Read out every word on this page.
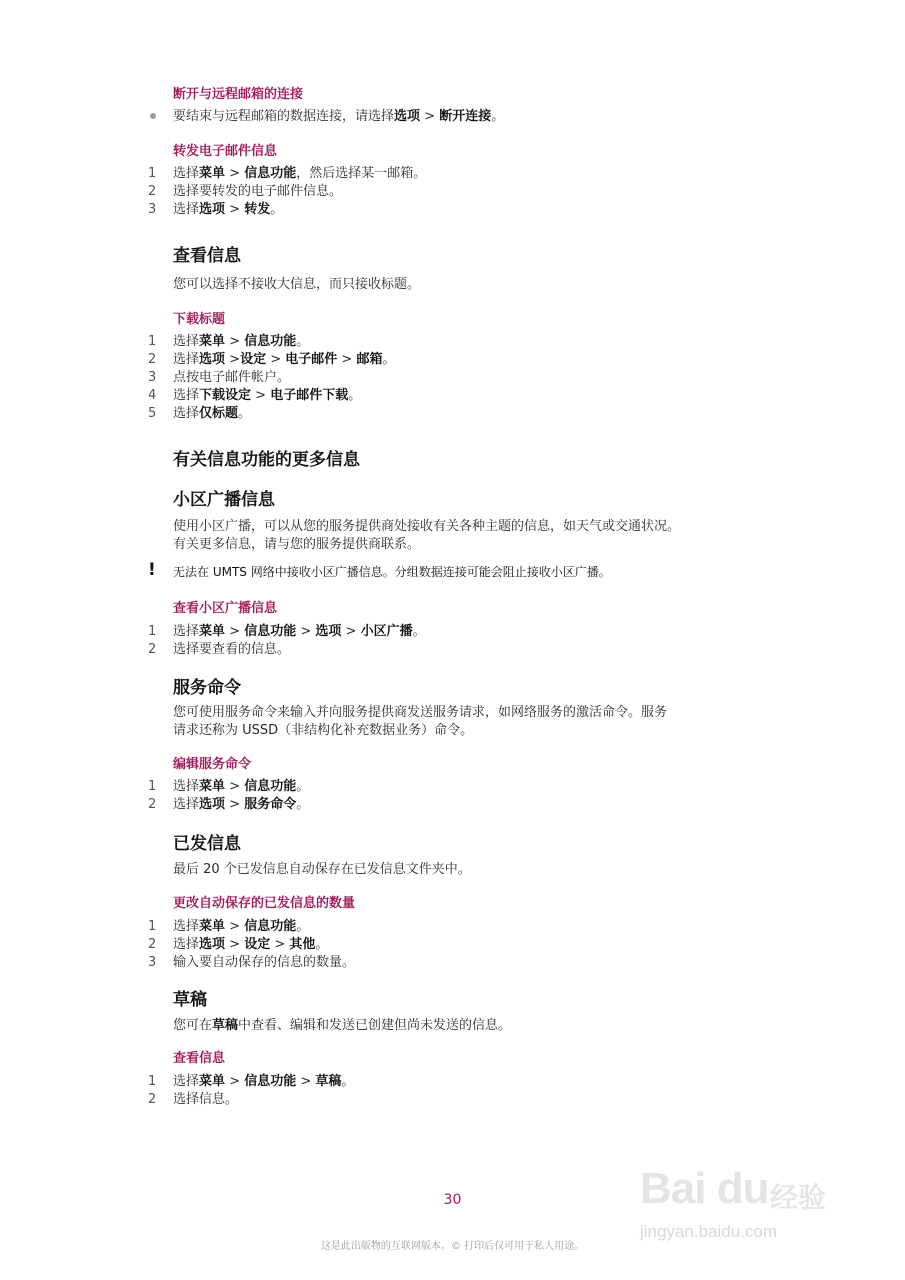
断开与远程邮箱的连接
要结束与远程邮箱的数据连接，请选择选项 > 断开连接。
转发电子邮件信息
1	选择菜单 > 信息功能，然后选择某一邮箱。
2	选择要转发的电子邮件信息。
3	选择选项 > 转发。
查看信息
您可以选择不接收大信息，而只接收标题。
下载标题
1	选择菜单 > 信息功能。
2	选择选项 >设定 > 电子邮件 > 邮箱。
3	点按电子邮件帐户。
4	选择下载设定 > 电子邮件下载。
5	选择仅标题。
有关信息功能的更多信息
小区广播信息
使用小区广播，可以从您的服务提供商处接收有关各种主题的信息，如天气或交通状况。
有关更多信息，请与您的服务提供商联系。
! 无法在 UMTS 网络中接收小区广播信息。分组数据连接可能会阻止接收小区广播。
查看小区广播信息
1	选择菜单 > 信息功能 > 选项 > 小区广播。
2	选择要查看的信息。
服务命令
您可使用服务命令来输入并向服务提供商发送服务请求，如网络服务的激活命令。服务
请求还称为 USSD（非结构化补充数据业务）命令。
编辑服务命令
1	选择菜单 > 信息功能。
2	选择选项 > 服务命令。
已发信息
最后 20 个已发信息自动保存在已发信息文件夹中。
更改自动保存的已发信息的数量
1	选择菜单 > 信息功能。
2	选择选项 > 设定 > 其他。
3	输入要自动保存的信息的数量。
草稿
您可在草稿中查看、编辑和发送已创建但尚未发送的信息。
查看信息
1	选择菜单 > 信息功能 > 草稿。
2	选择信息。
Bai du 经验
jingyan.baidu.com
30
这是此出版物的互联网版本。© 打印后仅可用于私人用途。
